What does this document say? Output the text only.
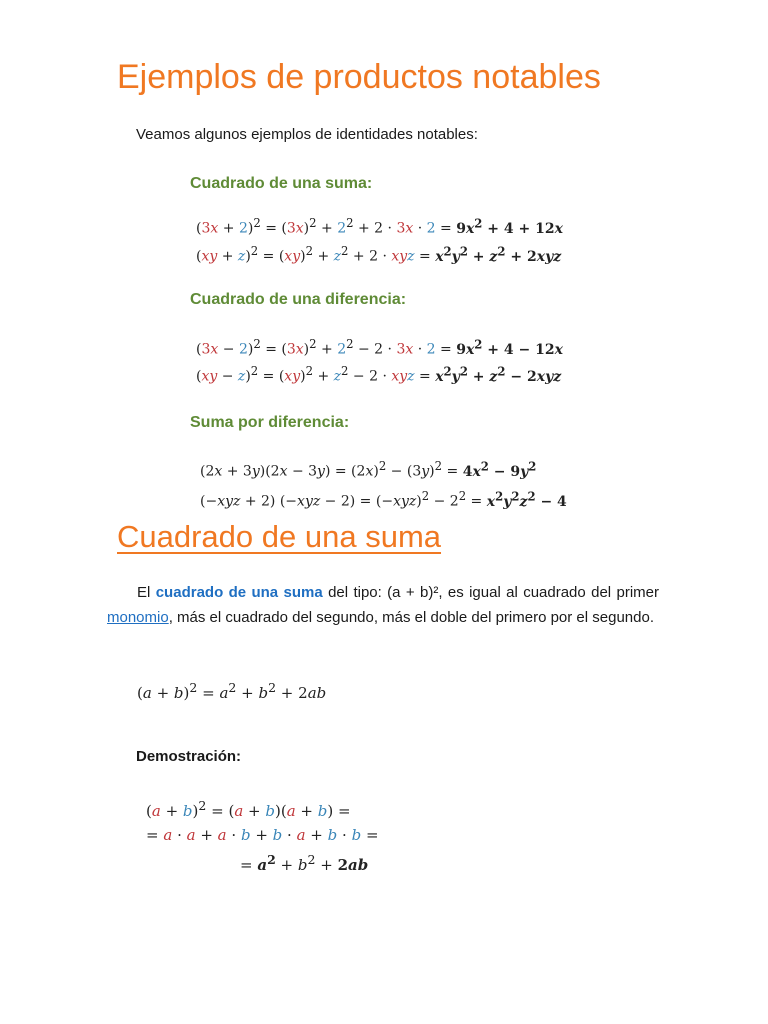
Ejemplos de productos notables
Veamos algunos ejemplos de identidades notables:
Cuadrado de una suma:
$(3x + 2)^2 = (3x)^2 + 2^2 + 2 \cdot 3x \cdot 2 = 9x^2 + 4 + 12x$
$(xy + z)^2 = (xy)^2 + z^2 + 2$ · xyz = $x^2y^2 + z^2 + 2xyz$
Cuadrado de una diferencia:
$(3x - 2)^2 = (3x)^2 + 2^2 - 2 \cdot 3x \cdot 2 = 9x^2 + 4 - 12x$
$(xy - z)^2 = (xy)^2 + z^2 - 2$ · xyz = $x^2y^2 + z^2 - 2xyz$
Suma por diferencia:
$(2x + 3y)(2x - 3y) = (2x)^2 - (3y)^2 = 4x^2 - 9y^2$
(−xyz + 2) $(-xyz - 2) = (-xyz)^2 - 2^2 = x^2y^2z^2 - 4$
Cuadrado de una suma
El cuadrado de una suma del tipo: (a + b)², es igual al cuadrado del primer monomio, más el cuadrado del segundo, más el doble del primero por el segundo.
$(a + b)^2 = a^2 + b^2 + 2ab$
Demostración:
$(a + b)^2 = (a + b)(a + b)$ =
= a · a + a · b + b · a + b · b =
= $a^2 + b^2 + 2ab$
